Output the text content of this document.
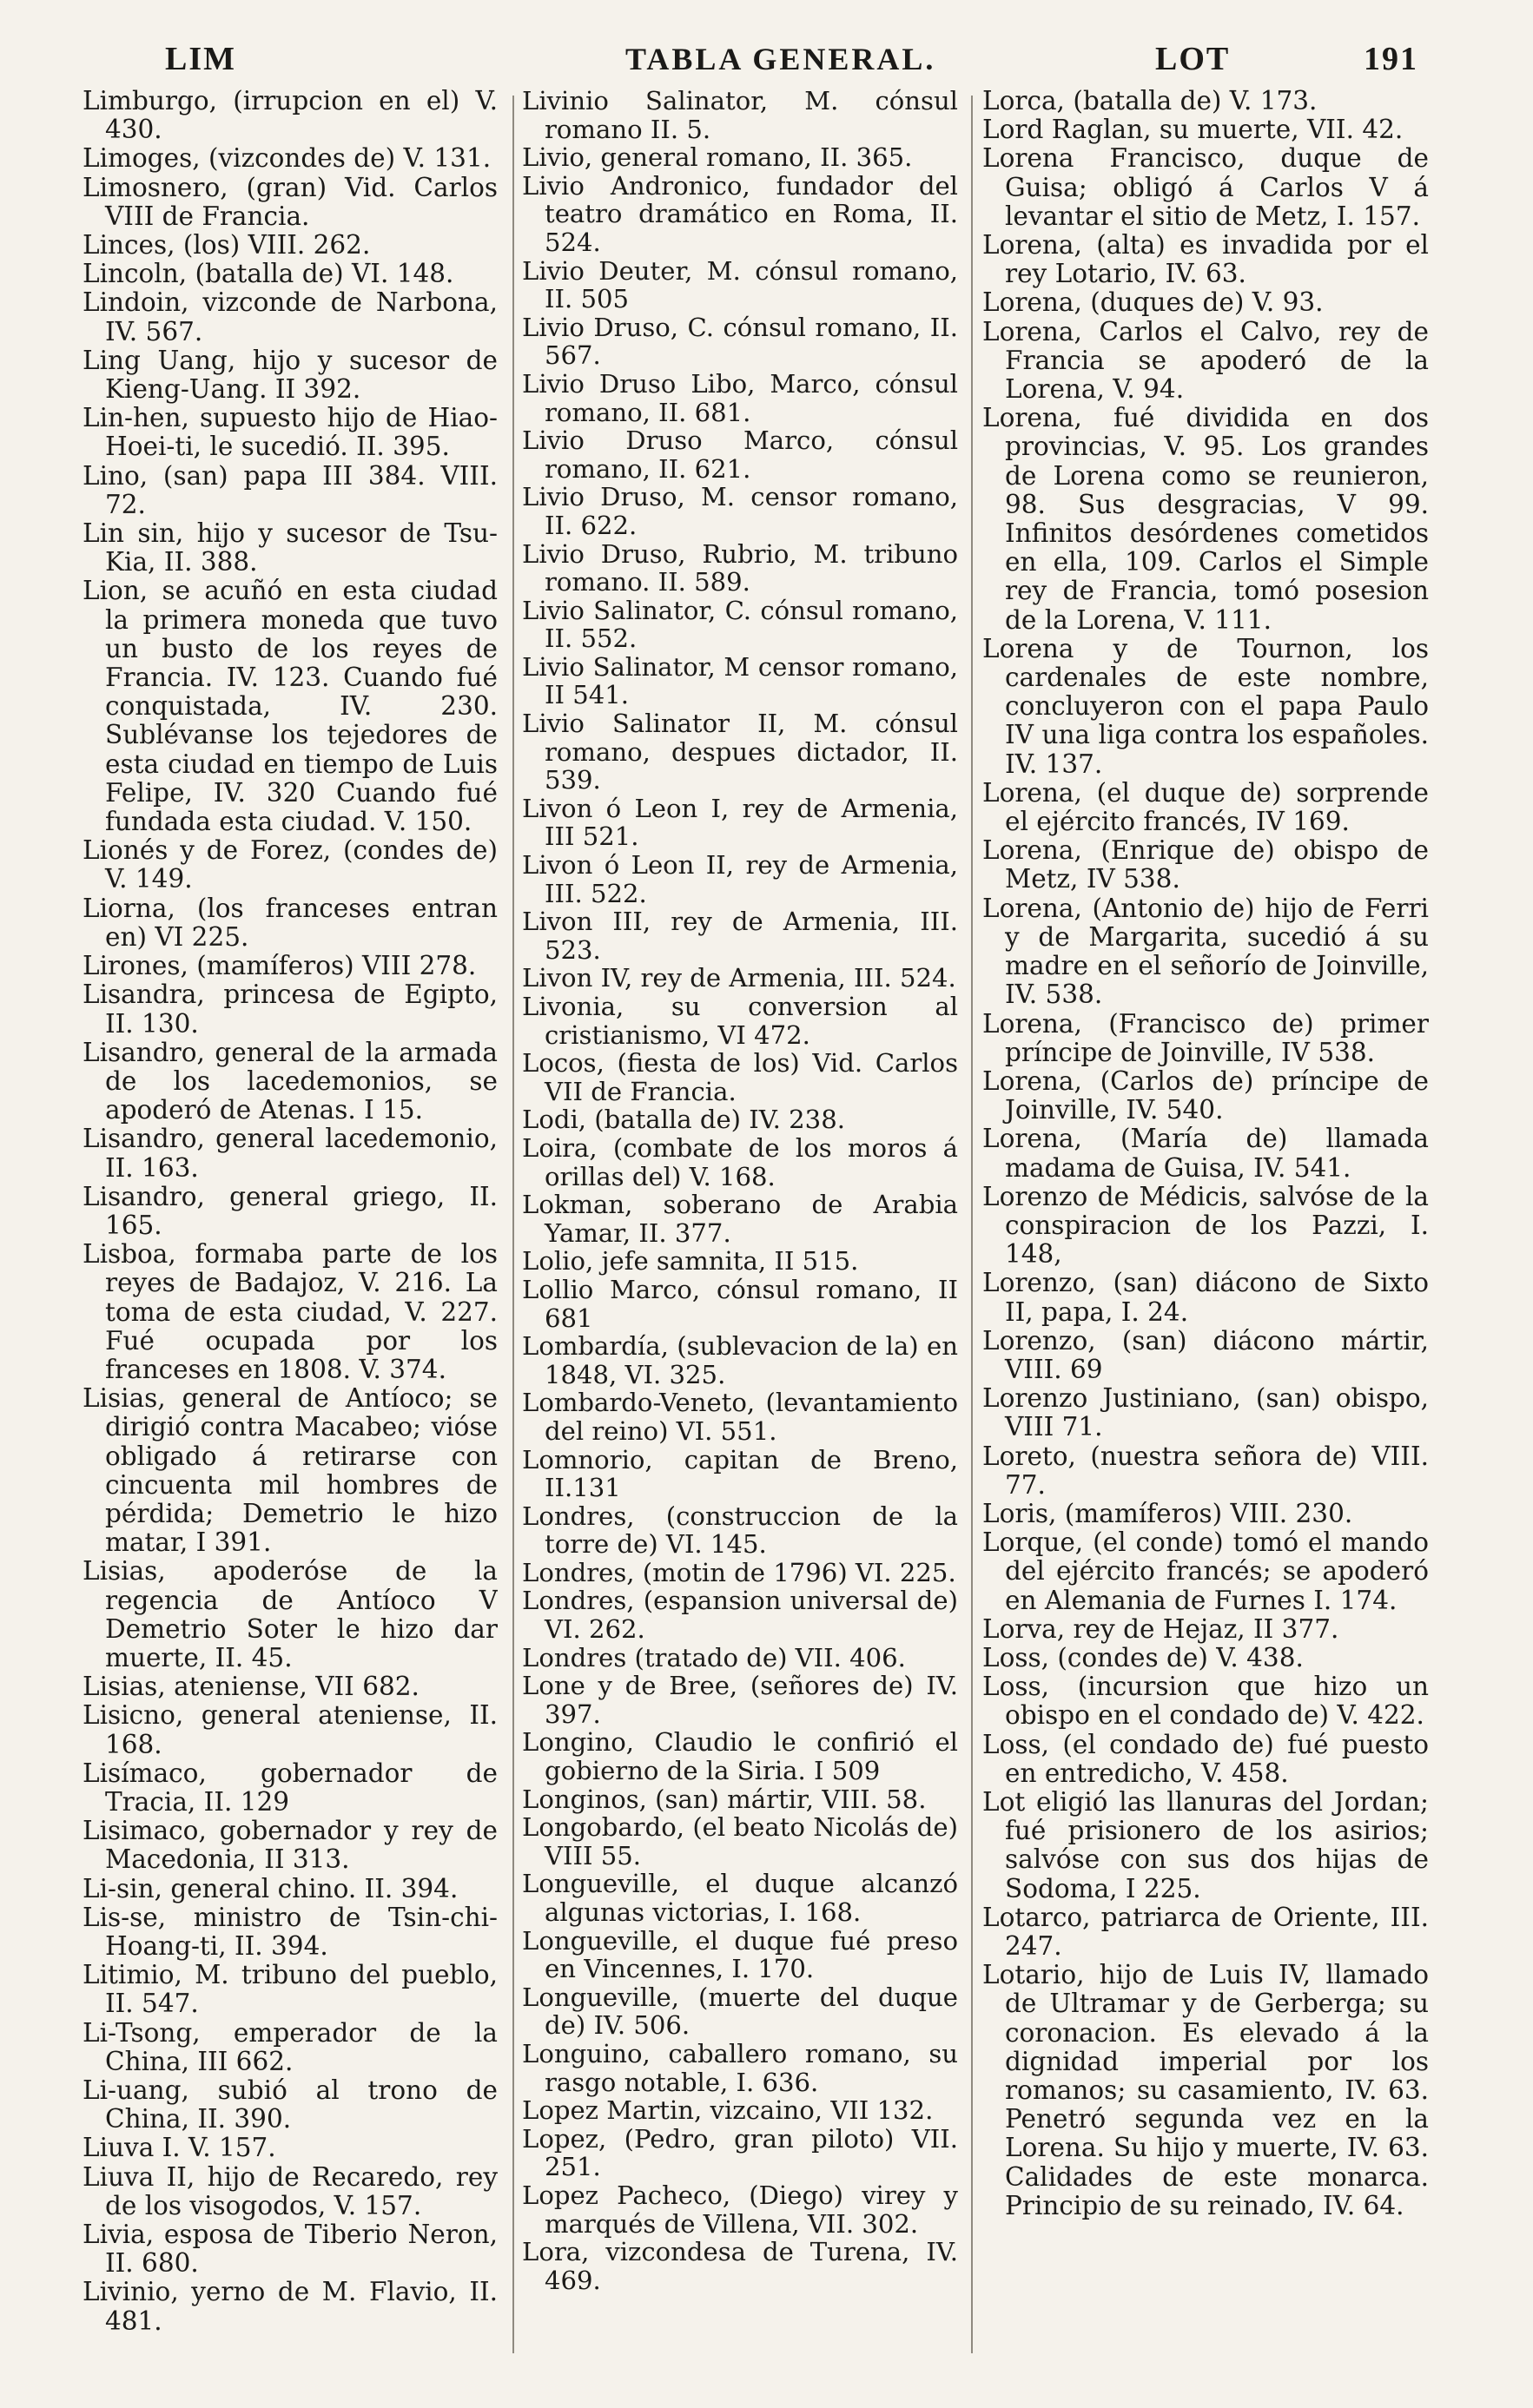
LIM	TABLA GENERAL.	LOT	191

Limburgo, (irrupcion en el) V. 430.

Limoges, (vizcondes de) V. 131.

Limosnero, (gran) Vid. Carlos VIII de Francia.

Linces, (los) VIII. 262.

Lincoln, (batalla de) VI. 148.

Lindoin, vizconde de Narbona, IV. 567.

Ling Uang, hijo y sucesor de Kieng-Uang. II 392.

Lin-hen, supuesto hijo de Hiao-Hoei-ti, le sucedió. II. 395.

Lino, (san) papa III 384. VIII. 72.

Lin sin, hijo y sucesor de Tsu-Kia, II. 388.

Lion, se acuñó en esta ciudad la primera moneda que tuvo un busto de los reyes de Francia. IV. 123. Cuando fué conquistada, IV. 230. Sublévanse los tejedores de esta ciudad en tiempo de Luis Felipe, IV. 320 Cuando fué fundada esta ciudad. V. 150.

Lionés y de Forez, (condes de) V. 149.

Liorna, (los franceses entran en) VI 225.

Lirones, (mamíferos) VIII 278.

Lisandra, princesa de Egipto, II. 130.

Lisandro, general de la armada de los lacedemonios, se apoderó de Atenas. I 15.

Lisandro, general lacedemonio, II. 163.

Lisandro, general griego, II. 165.

Lisboa, formaba parte de los reyes de Badajoz, V. 216. La toma de esta ciudad, V. 227. Fué ocupada por los franceses en 1808. V. 374.

Lisias, general de Antíoco; se dirigió contra Macabeo; vióse obligado á retirarse con cincuenta mil hombres de pérdida; Demetrio le hizo matar, I 391.

Lisias, apoderóse de la regencia de Antíoco V Demetrio Soter le hizo dar muerte, II. 45.

Lisias, ateniense, VII 682.

Lisicno, general ateniense, II. 168.

Lisímaco, gobernador de Tracia, II. 129

Lisimaco, gobernador y rey de Macedonia, II 313.

Li-sin, general chino. II. 394.

Lis-se, ministro de Tsin-chi-Hoang-ti, II. 394.

Litimio, M. tribuno del pueblo, II. 547.

Li-Tsong, emperador de la China, III 662.

Li-uang, subió al trono de China, II. 390.

Liuva I. V. 157.

Liuva II, hijo de Recaredo, rey de los visogodos, V. 157.

Livia, esposa de Tiberio Neron, II. 680.

Livinio, yerno de M. Flavio, II. 481.

Livinio Salinator, M. cónsul romano II. 5.

Livio, general romano, II. 365.

Livio Andronico, fundador del teatro dramático en Roma, II. 524.

Livio Deuter, M. cónsul romano, II. 505

Livio Druso, C. cónsul romano, II. 567.

Livio Druso Libo, Marco, cónsul romano, II. 681.

Livio Druso Marco, cónsul romano, II. 621.

Livio Druso, M. censor romano, II. 622.

Livio Druso, Rubrio, M. tribuno romano. II. 589.

Livio Salinator, C. cónsul romano, II. 552.

Livio Salinator, M censor romano, II 541.

Livio Salinator II, M. cónsul romano, despues dictador, II. 539.

Livon ó Leon I, rey de Armenia, III 521.

Livon ó Leon II, rey de Armenia, III. 522.

Livon III, rey de Armenia, III. 523.

Livon IV, rey de Armenia, III. 524.

Livonia, su conversion al cristianismo, VI 472.

Locos, (fiesta de los) Vid. Carlos VII de Francia.

Lodi, (batalla de) IV. 238.

Loira, (combate de los moros á orillas del) V. 168.

Lokman, soberano de Arabia Yamar, II. 377.

Lolio, jefe samnita, II 515.

Lollio Marco, cónsul romano, II 681

Lombardía, (sublevacion de la) en 1848, VI. 325.

Lombardo-Veneto, (levantamiento del reino) VI. 551.

Lomnorio, capitan de Breno, II.131

Londres, (construccion de la torre de) VI. 145.

Londres, (motin de 1796) VI. 225.

Londres, (espansion universal de) VI. 262.

Londres (tratado de) VII. 406.

Lone y de Bree, (señores de) IV. 397.

Longino, Claudio le confirió el gobierno de la Siria. I 509

Longinos, (san) mártir, VIII. 58.

Longobardo, (el beato Nicolás de) VIII 55.

Longueville, el duque alcanzó algunas victorias, I. 168.

Longueville, el duque fué preso en Vincennes, I. 170.

Longueville, (muerte del duque de) IV. 506.

Longuino, caballero romano, su rasgo notable, I. 636.

Lopez Martin, vizcaino, VII 132.

Lopez, (Pedro, gran piloto) VII. 251.

Lopez Pacheco, (Diego) virey y marqués de Villena, VII. 302.

Lora, vizcondesa de Turena, IV. 469.

Lorca, (batalla de) V. 173.

Lord Raglan, su muerte, VII. 42.

Lorena Francisco, duque de Guisa; obligó á Carlos V á levantar el sitio de Metz, I. 157.

Lorena, (alta) es invadida por el rey Lotario, IV. 63.

Lorena, (duques de) V. 93.

Lorena, Carlos el Calvo, rey de Francia se apoderó de la Lorena, V. 94.

Lorena, fué dividida en dos provincias, V. 95. Los grandes de Lorena como se reunieron, 98. Sus desgracias, V 99. Infinitos desórdenes cometidos en ella, 109. Carlos el Simple rey de Francia, tomó posesion de la Lorena, V. 111.

Lorena y de Tournon, los cardenales de este nombre, concluyeron con el papa Paulo IV una liga contra los españoles. IV. 137.

Lorena, (el duque de) sorprende el ejército francés, IV 169.

Lorena, (Enrique de) obispo de Metz, IV 538.

Lorena, (Antonio de) hijo de Ferri y de Margarita, sucedió á su madre en el señorío de Joinville, IV. 538.

Lorena, (Francisco de) primer príncipe de Joinville, IV 538.

Lorena, (Carlos de) príncipe de Joinville, IV. 540.

Lorena, (María de) llamada madama de Guisa, IV. 541.

Lorenzo de Médicis, salvóse de la conspiracion de los Pazzi, I. 148,

Lorenzo, (san) diácono de Sixto II, papa, I. 24.

Lorenzo, (san) diácono mártir, VIII. 69

Lorenzo Justiniano, (san) obispo, VIII 71.

Loreto, (nuestra señora de) VIII. 77.

Loris, (mamíferos) VIII. 230.

Lorque, (el conde) tomó el mando del ejército francés; se apoderó en Alemania de Furnes I. 174.

Lorva, rey de Hejaz, II 377.

Loss, (condes de) V. 438.

Loss, (incursion que hizo un obispo en el condado de) V. 422.

Loss, (el condado de) fué puesto en entredicho, V. 458.

Lot eligió las llanuras del Jordan; fué prisionero de los asirios; salvóse con sus dos hijas de Sodoma, I 225.

Lotarco, patriarca de Oriente, III. 247.

Lotario, hijo de Luis IV, llamado de Ultramar y de Gerberga; su coronacion. Es elevado á la dignidad imperial por los romanos; su casamiento, IV. 63. Penetró segunda vez en la Lorena. Su hijo y muerte, IV. 63. Calidades de este monarca. Principio de su reinado, IV. 64.
